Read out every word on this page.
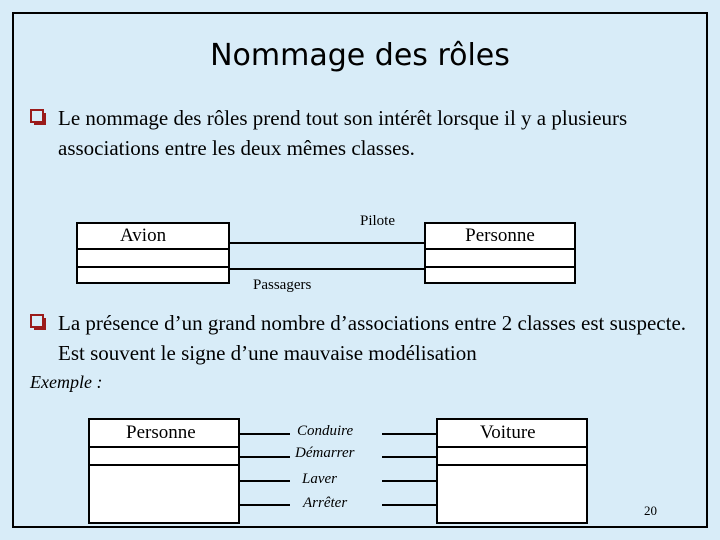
Nommage des rôles
Le nommage des rôles prend tout son intérêt lorsque il y a plusieurs associations entre les deux mêmes classes.
Avion	Personne
Pilote
Passagers
La présence d’un grand nombre d’associations entre 2 classes est suspecte. Est souvent le signe d’une mauvaise modélisation
Exemple :
Personne	Voiture
Conduire
Démarrer
Laver
Arrêter	20
